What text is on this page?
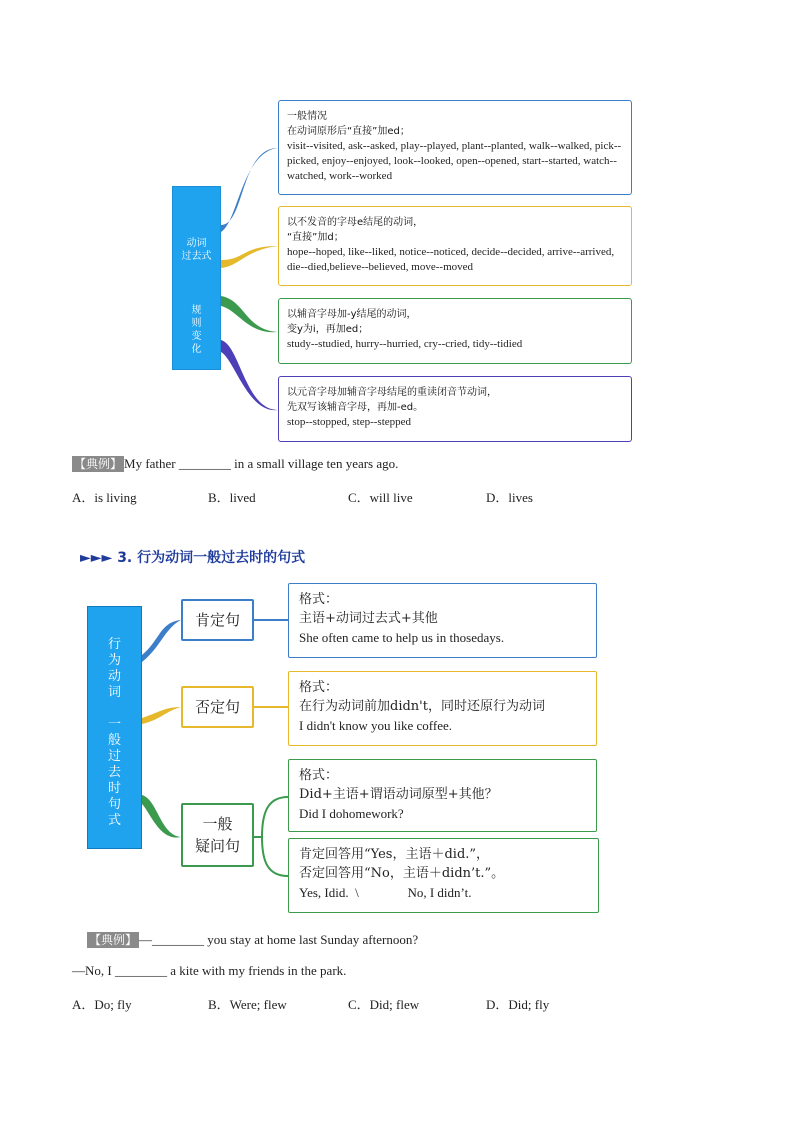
动词
过去式
规
则
变
化
一般情况
在动词原形后“直接”加ed；
visit--visited, ask--asked, play--played, plant--planted, walk--walked, pick--picked, enjoy--enjoyed, look--looked, open--opened, start--started, watch--watched, work--worked
以不发音的字母e结尾的动词，
“直接”加d；
hope--hoped, like--liked, notice--noticed, decide--decided, arrive--arrived, die--died,believe--believed, move--moved
以辅音字母加-y结尾的动词，
变y为i，再加ed；
study--studied, hurry--hurried, cry--cried, tidy--tidied
以元音字母加辅音字母结尾的重读闭音节动词，
先双写该辅音字母，再加-ed。
stop--stopped, step--stepped
【典例】 My father ________ in a small village ten years ago.
A．is living	B．lived	C．will live	D．lives
►►► 3. 行为动词一般过去时的句式
行
为
动
词
一
般
过
去
时
句
式
肯定句
否定句
一般
疑问句
格式：
主语+动词过去式+其他
She often came to help us in thosedays.
格式：
在行为动词前加didn't，同时还原行为动词
I didn't know you like coffee.
格式：
Did+主语+谓语动词原型+其他？
Did I dohomework?
肯定回答用“Yes，主语＋did.”，
否定回答用“No，主语＋didn’t.”。
Yes, Idid.  \               No, I didn’t.
【典例】 —________ you stay at home last Sunday afternoon?
—No, I ________ a kite with my friends in the park.
A．Do; fly	B．Were; flew	C．Did; flew	D．Did; fly
